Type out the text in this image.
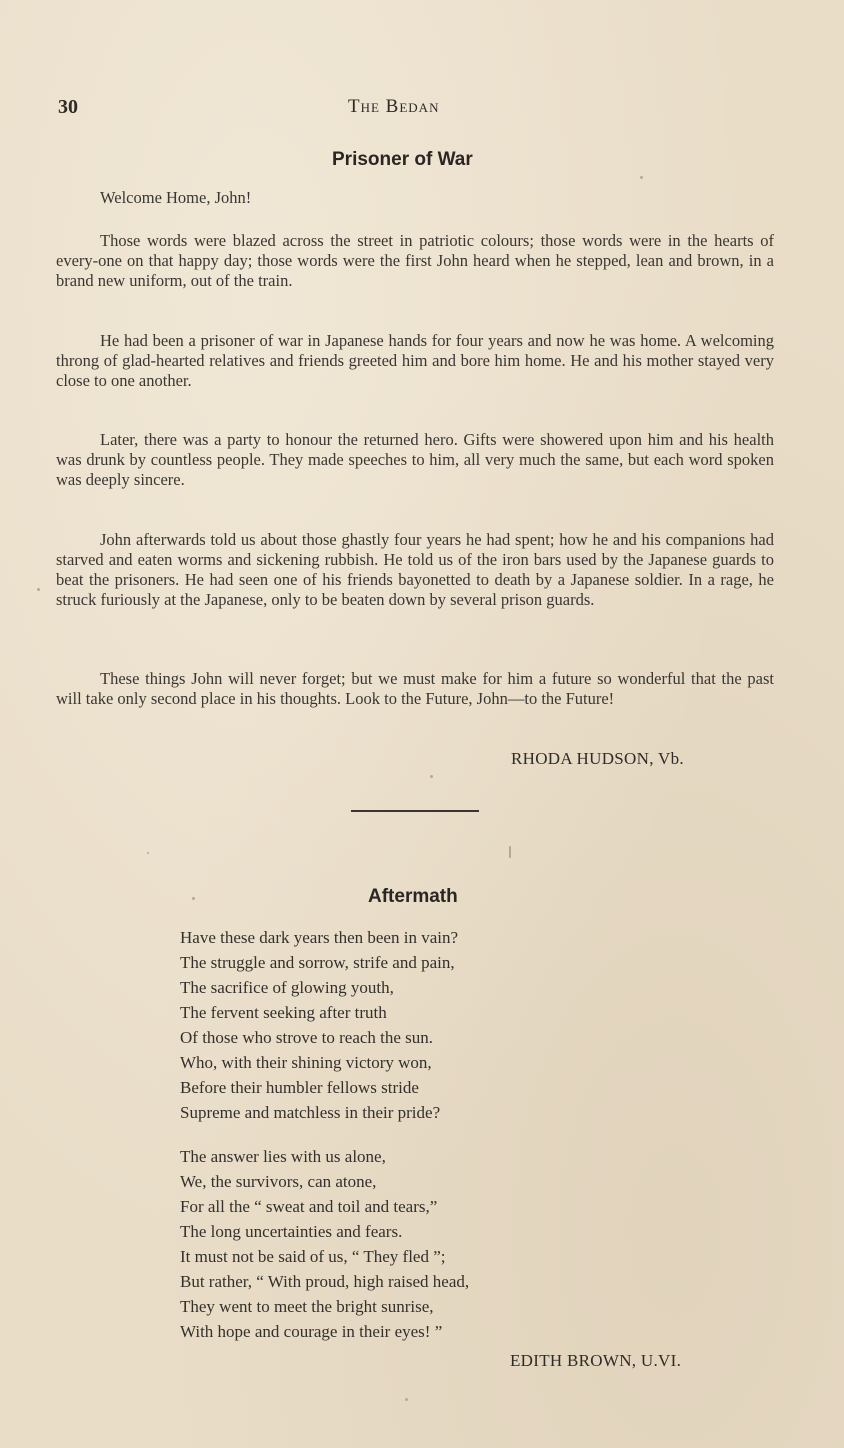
30	The Bedan
Prisoner of War
Welcome Home, John!

Those words were blazed across the street in patriotic colours; those words were in the hearts of every-one on that happy day; those words were the first John heard when he stepped, lean and brown, in a brand new uniform, out of the train.

He had been a prisoner of war in Japanese hands for four years and now he was home. A welcoming throng of glad-hearted relatives and friends greeted him and bore him home. He and his mother stayed very close to one another.

Later, there was a party to honour the returned hero. Gifts were showered upon him and his health was drunk by countless people. They made speeches to him, all very much the same, but each word spoken was deeply sincere.

John afterwards told us about those ghastly four years he had spent; how he and his companions had starved and eaten worms and sickening rubbish. He told us of the iron bars used by the Japanese guards to beat the prisoners. He had seen one of his friends bayonetted to death by a Japanese soldier. In a rage, he struck furiously at the Japanese, only to be beaten down by several prison guards.

These things John will never forget; but we must make for him a future so wonderful that the past will take only second place in his thoughts. Look to the Future, John—to the Future!

RHODA HUDSON, Vb.
Aftermath
Have these dark years then been in vain?
The struggle and sorrow, strife and pain,
The sacrifice of glowing youth,
The fervent seeking after truth
Of those who strove to reach the sun.
Who, with their shining victory won,
Before their humbler fellows stride
Supreme and matchless in their pride?
The answer lies with us alone,
We, the survivors, can atone,
For all the “ sweat and toil and tears,”
The long uncertainties and fears.
It must not be said of us, “ They fled ”;
But rather, “ With proud, high raised head,
They went to meet the bright sunrise,
With hope and courage in their eyes! ”
EDITH BROWN, U.VI.
